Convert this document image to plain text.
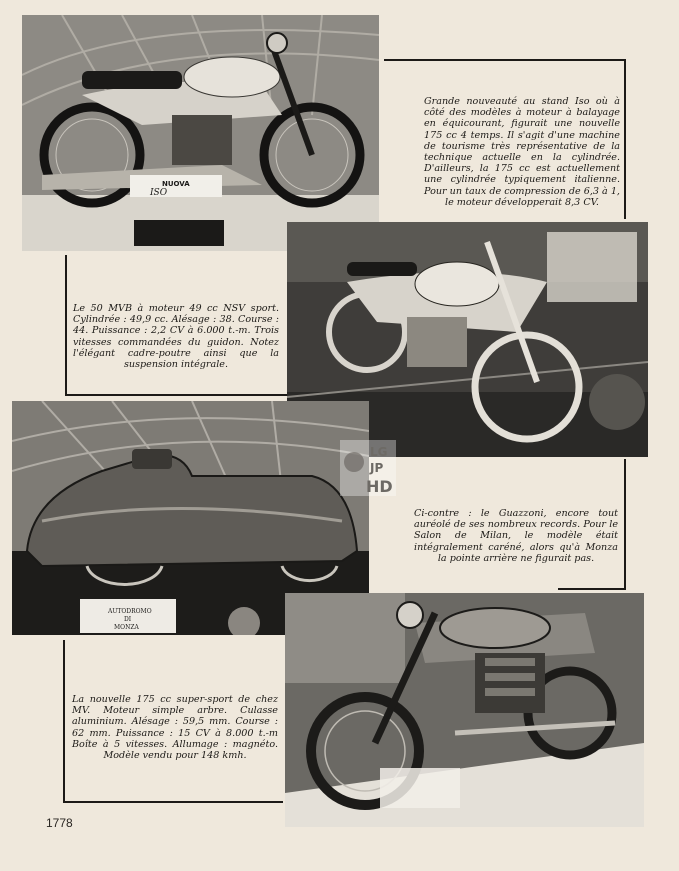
NUOVA
ISO

Grande nouveauté au stand Iso où à côté des modèles à moteur à balayage en équicourant, figurait une nouvelle 175 cc 4 temps. Il s'agit d'une machine de tourisme très représentative de la technique actuelle en la cylindrée. D'ailleurs, la 175 cc est actuellement une cylindrée typiquement italienne. Pour un taux de compression de 6,3 à 1, le moteur développerait 8,3 CV.

Le 50 MVB à moteur 49 cc NSV sport. Cylindrée : 49,9 cc. Alésage : 38. Course : 44. Puissance : 2,2 CV à 6.000 t.-m. Trois vitesses commandées du guidon. Notez l'élégant cadre-poutre ainsi que la suspension intégrale.

AUTODROMO
DI
MONZA
LG
JP
HD

Ci-contre : le Guazzoni, encore tout auréolé de ses nombreux records. Pour le Salon de Milan, le modèle était intégralement caréné, alors qu'à Monza la pointe arrière ne figurait pas.

La nouvelle 175 cc super-sport de chez MV. Moteur simple arbre. Culasse aluminium. Alésage : 59,5 mm. Course : 62 mm. Puissance : 15 CV à 8.000 t.-m Boîte à 5 vitesses. Allumage : magnéto. Modèle vendu pour 148 kmh.

1778
